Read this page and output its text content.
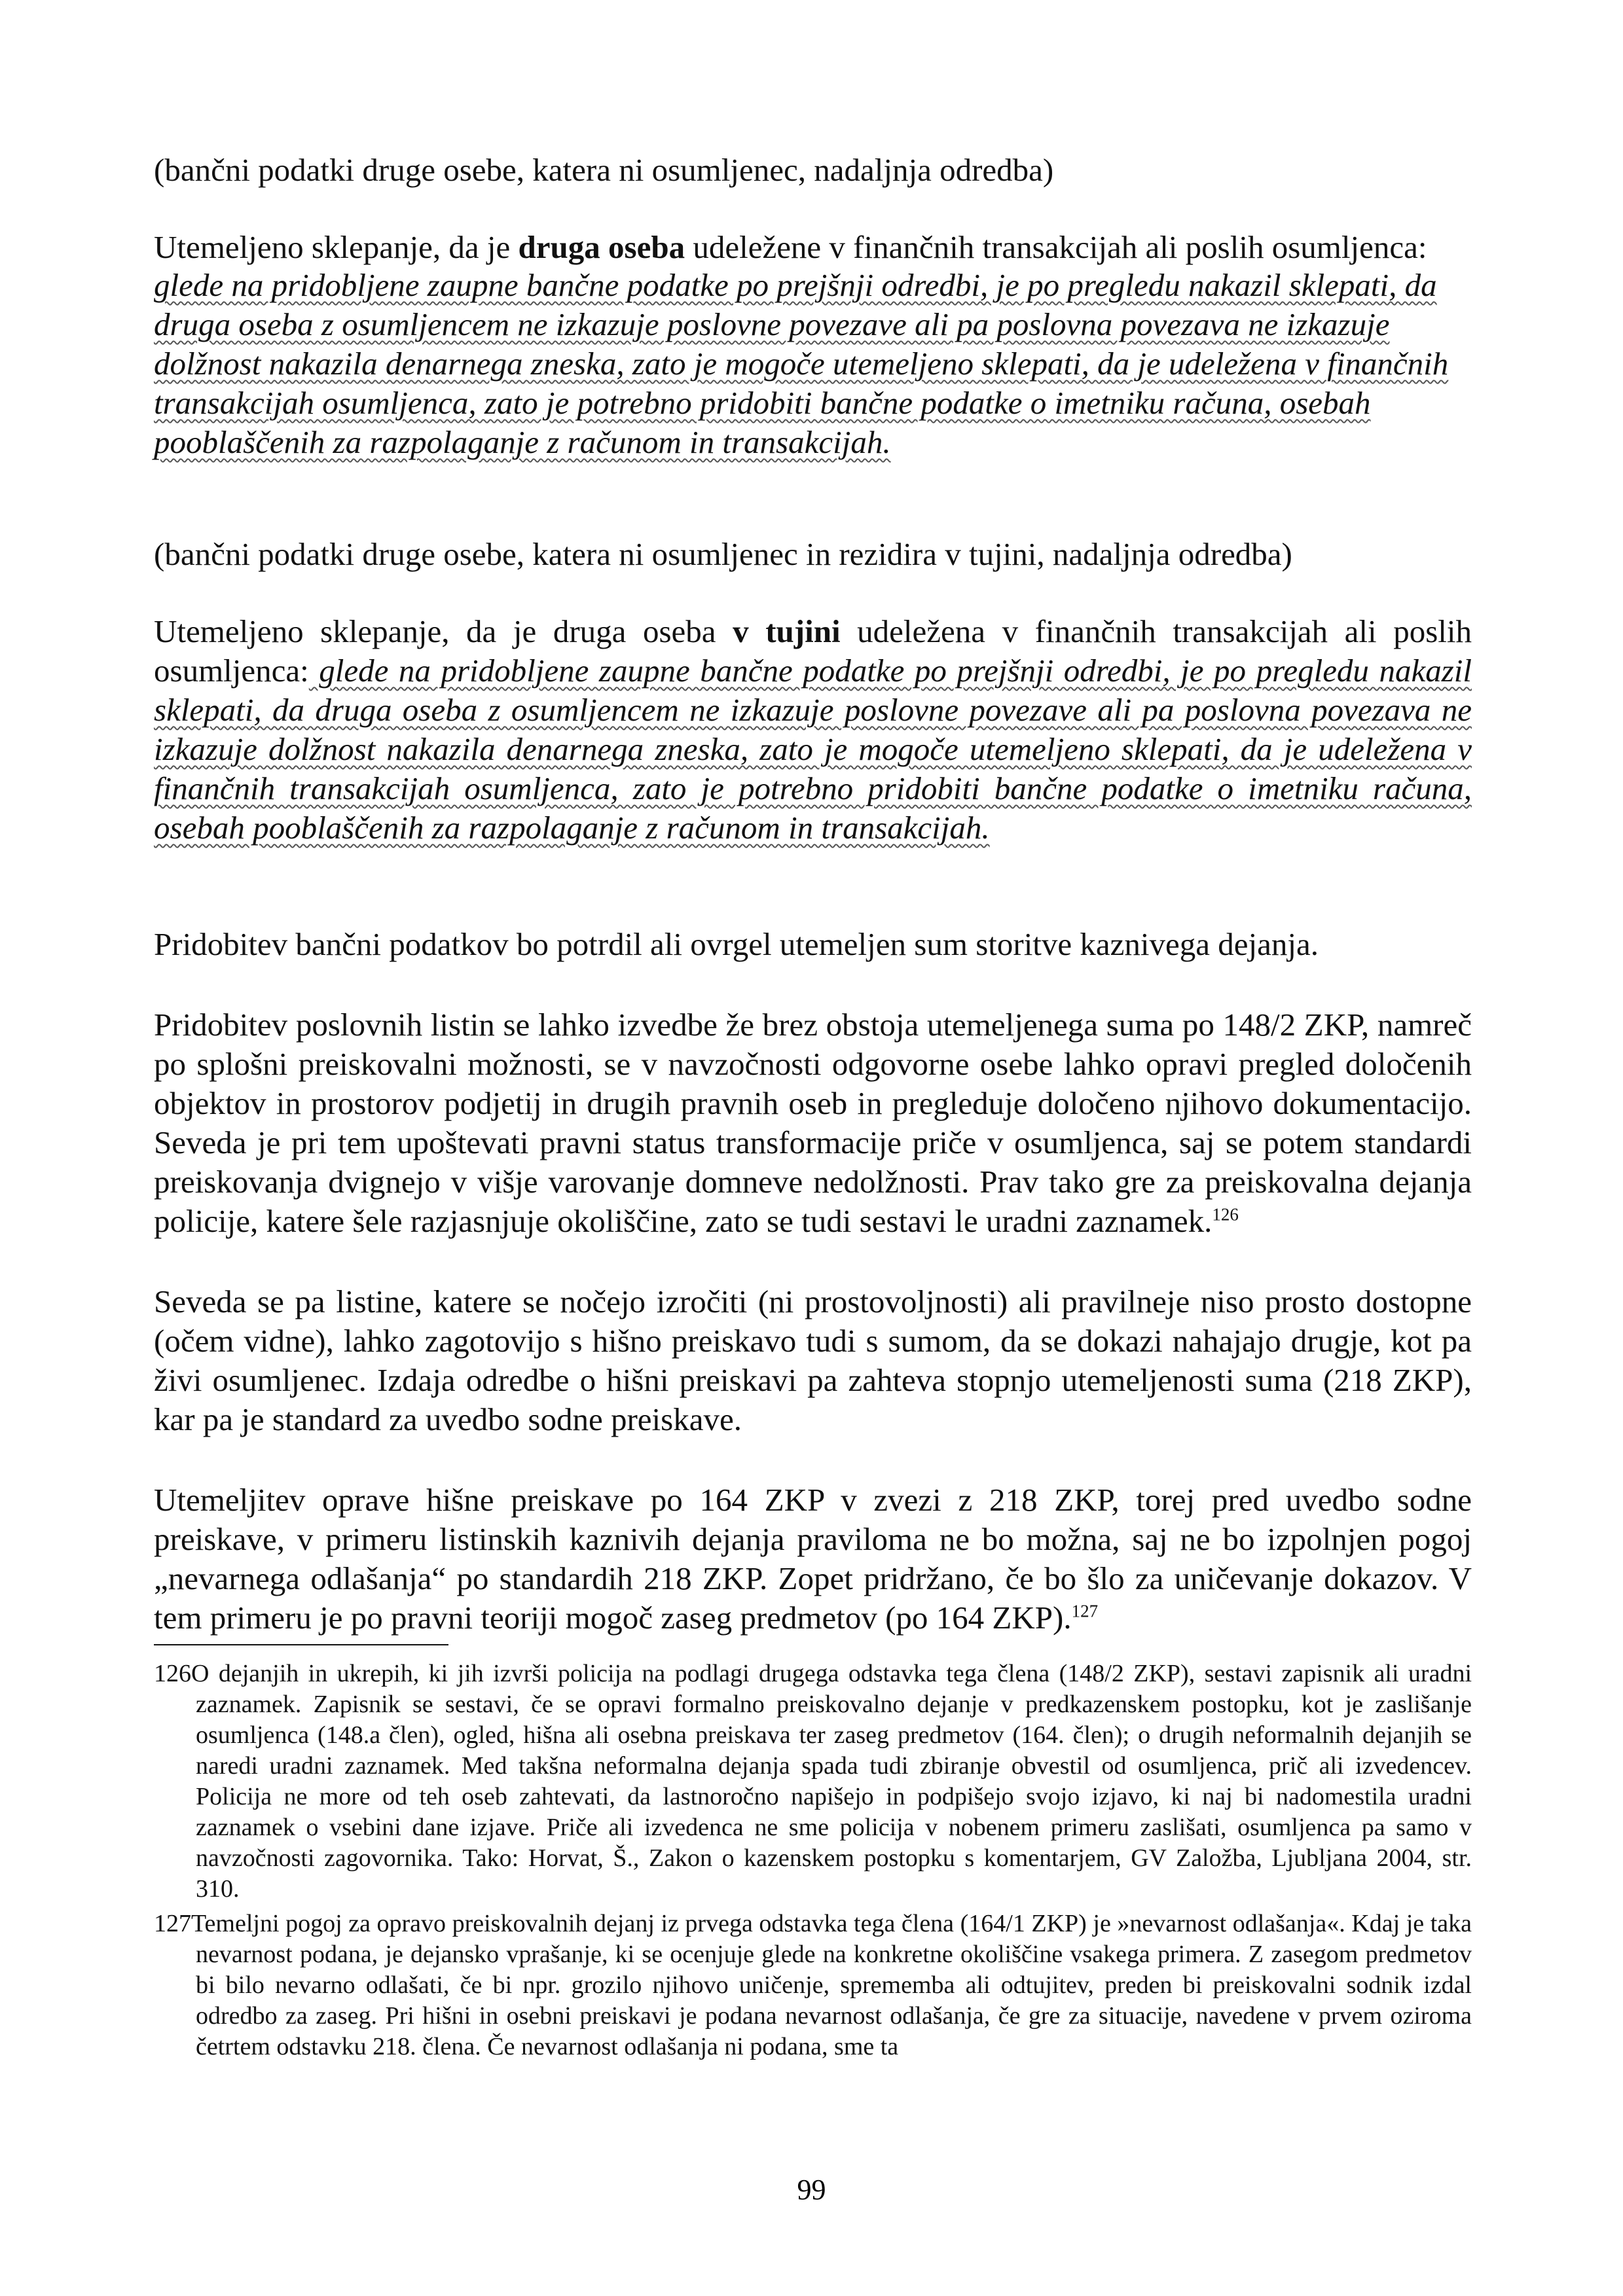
(bančni podatki druge osebe, katera ni osumljenec, nadaljnja odredba)

Utemeljeno sklepanje, da je druga oseba udeležene v finančnih transakcijah ali poslih osumljenca:
glede na pridobljene zaupne bančne podatke po prejšnji odredbi, je po pregledu nakazil sklepati, da druga oseba z osumljencem ne izkazuje poslovne povezave ali pa poslovna povezava ne izkazuje dolžnost nakazila denarnega zneska, zato je mogoče utemeljeno sklepati, da je udeležena v finančnih transakcijah osumljenca, zato je potrebno pridobiti bančne podatke o imetniku računa, osebah pooblaščenih za razpolaganje z računom in transakcijah.

(bančni podatki druge osebe, katera ni osumljenec in rezidira v tujini, nadaljnja odredba)

Utemeljeno sklepanje, da je druga oseba v tujini udeležena v finančnih transakcijah ali poslih osumljenca: glede na pridobljene zaupne bančne podatke po prejšnji odredbi, je po pregledu nakazil sklepati, da druga oseba z osumljencem ne izkazuje poslovne povezave ali pa poslovna povezava ne izkazuje dolžnost nakazila denarnega zneska, zato je mogoče utemeljeno sklepati, da je udeležena v finančnih transakcijah osumljenca, zato je potrebno pridobiti bančne podatke o imetniku računa, osebah pooblaščenih za razpolaganje z računom in transakcijah.

Pridobitev bančni podatkov bo potrdil ali ovrgel utemeljen sum storitve kaznivega dejanja.

Pridobitev poslovnih listin se lahko izvedbe že brez obstoja utemeljenega suma po 148/2 ZKP, namreč po splošni preiskovalni možnosti, se v navzočnosti odgovorne osebe lahko opravi pregled določenih objektov in prostorov podjetij in drugih pravnih oseb in pregleduje določeno njihovo dokumentacijo. Seveda je pri tem upoštevati pravni status transformacije priče v osumljenca, saj se potem standardi preiskovanja dvignejo v višje varovanje domneve nedolžnosti. Prav tako gre za preiskovalna dejanja policije, katere šele razjasnjuje okoliščine, zato se tudi sestavi le uradni zaznamek.$^{126}$

Seveda se pa listine, katere se nočejo izročiti (ni prostovoljnosti) ali pravilneje niso prosto dostopne (očem vidne), lahko zagotovijo s hišno preiskavo tudi s sumom, da se dokazi nahajajo drugje, kot pa živi osumljenec. Izdaja odredbe o hišni preiskavi pa zahteva stopnjo utemeljenosti suma (218 ZKP), kar pa je standard za uvedbo sodne preiskave.

Utemeljitev oprave hišne preiskave po 164 ZKP v zvezi z 218 ZKP, torej pred uvedbo sodne preiskave, v primeru listinskih kaznivih dejanja praviloma ne bo možna, saj ne bo izpolnjen pogoj „nevarnega odlašanja“ po standardih 218 ZKP. Zopet pridržano, če bo šlo za uničevanje dokazov. V tem primeru je po pravni teoriji mogoč zaseg predmetov (po 164 ZKP).$^{127}$

126O dejanjih in ukrepih, ki jih izvrši policija na podlagi drugega odstavka tega člena (148/2 ZKP), sestavi zapisnik ali uradni zaznamek. Zapisnik se sestavi, če se opravi formalno preiskovalno dejanje v predkazenskem postopku, kot je zaslišanje osumljenca (148.a člen), ogled, hišna ali osebna preiskava ter zaseg predmetov (164. člen); o drugih neformalnih dejanjih se naredi uradni zaznamek. Med takšna neformalna dejanja spada tudi zbiranje obvestil od osumljenca, prič ali izvedencev. Policija ne more od teh oseb zahtevati, da lastnoročno napišejo in podpišejo svojo izjavo, ki naj bi nadomestila uradni zaznamek o vsebini dane izjave. Priče ali izvedenca ne sme policija v nobenem primeru zaslišati, osumljenca pa samo v navzočnosti zagovornika. Tako: Horvat, Š., Zakon o kazenskem postopku s komentarjem, GV Založba, Ljubljana 2004, str. 310.

127Temeljni pogoj za opravo preiskovalnih dejanj iz prvega odstavka tega člena (164/1 ZKP) je »nevarnost odlašanja«. Kdaj je taka nevarnost podana, je dejansko vprašanje, ki se ocenjuje glede na konkretne okoliščine vsakega primera. Z zasegom predmetov bi bilo nevarno odlašati, če bi npr. grozilo njihovo uničenje, sprememba ali odtujitev, preden bi preiskovalni sodnik izdal odredbo za zaseg. Pri hišni in osebni preiskavi je podana nevarnost odlašanja, če gre za situacije, navedene v prvem oziroma četrtem odstavku 218. člena. Če nevarnost odlašanja ni podana, sme ta

99
